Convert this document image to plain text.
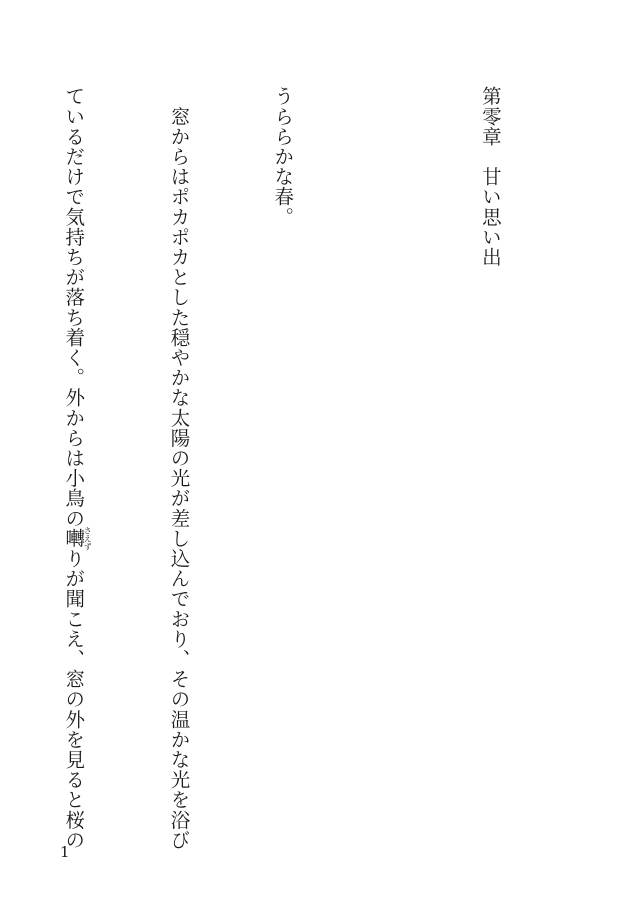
第零章　甘い思い出

うららかな春。

　窓からはポカポカとした穏やかな太陽の光が差し込んでおり、その温かな光を浴び

ているだけで気持ちが落ち着く。外からは小鳥の囀さえずりが聞こえ、窓の外を見ると桜の

1
